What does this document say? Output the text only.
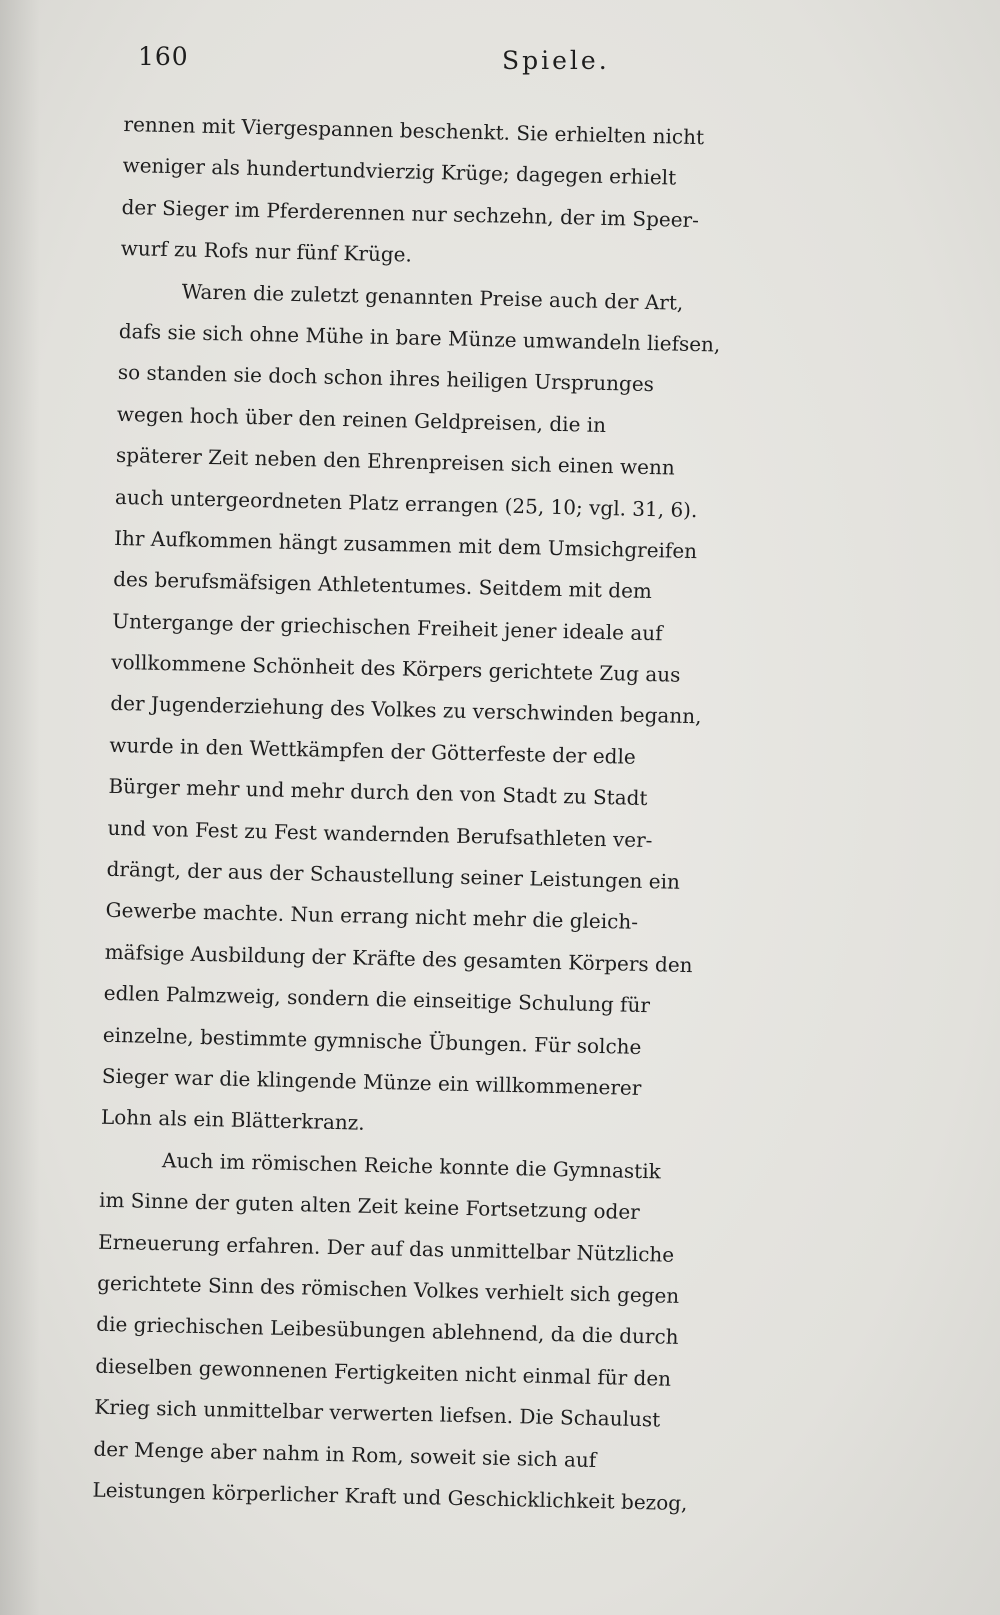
160	Spiele.
rennen mit Viergespannen beschenkt. Sie erhielten nicht
weniger als hundertundvierzig Krüge; dagegen erhielt
der Sieger im Pferderennen nur sechzehn, der im Speer-
wurf zu Rofs nur fünf Krüge.
Waren die zuletzt genannten Preise auch der Art,
dafs sie sich ohne Mühe in bare Münze umwandeln liefsen,
so standen sie doch schon ihres heiligen Ursprunges
wegen hoch über den reinen Geldpreisen, die in
späterer Zeit neben den Ehrenpreisen sich einen wenn
auch untergeordneten Platz errangen (25, 10; vgl. 31, 6).
Ihr Aufkommen hängt zusammen mit dem Umsichgreifen
des berufsmäfsigen Athletentumes. Seitdem mit dem
Untergange der griechischen Freiheit jener ideale auf
vollkommene Schönheit des Körpers gerichtete Zug aus
der Jugenderziehung des Volkes zu verschwinden begann,
wurde in den Wettkämpfen der Götterfeste der edle
Bürger mehr und mehr durch den von Stadt zu Stadt
und von Fest zu Fest wandernden Berufsathleten ver-
drängt, der aus der Schaustellung seiner Leistungen ein
Gewerbe machte. Nun errang nicht mehr die gleich-
mäfsige Ausbildung der Kräfte des gesamten Körpers den
edlen Palmzweig, sondern die einseitige Schulung für
einzelne, bestimmte gymnische Übungen. Für solche
Sieger war die klingende Münze ein willkommenerer
Lohn als ein Blätterkranz.
Auch im römischen Reiche konnte die Gymnastik
im Sinne der guten alten Zeit keine Fortsetzung oder
Erneuerung erfahren. Der auf das unmittelbar Nützliche
gerichtete Sinn des römischen Volkes verhielt sich gegen
die griechischen Leibesübungen ablehnend, da die durch
dieselben gewonnenen Fertigkeiten nicht einmal für den
Krieg sich unmittelbar verwerten liefsen. Die Schaulust
der Menge aber nahm in Rom, soweit sie sich auf
Leistungen körperlicher Kraft und Geschicklichkeit bezog,
